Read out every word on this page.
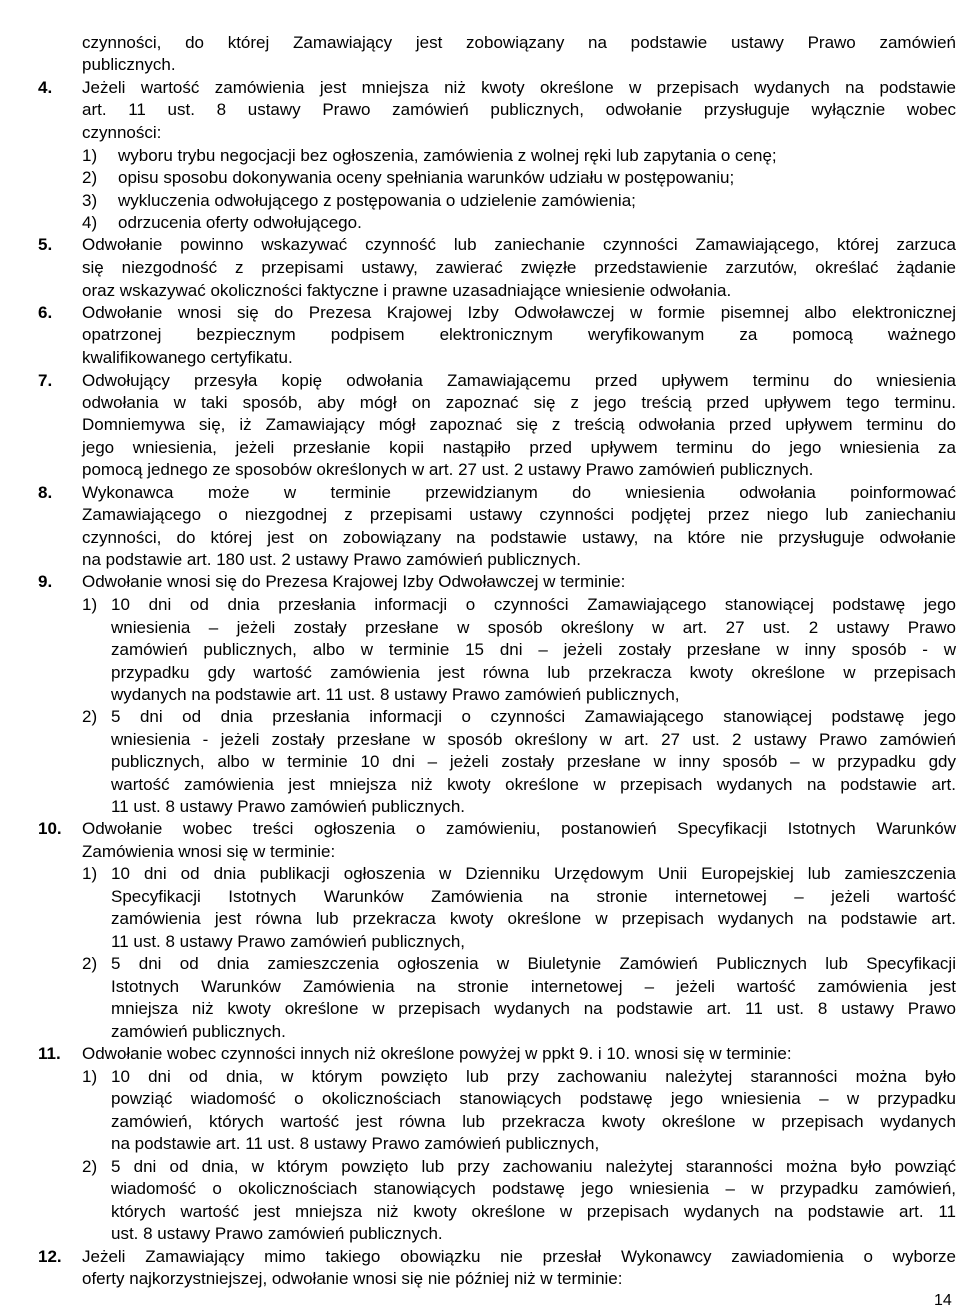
czynności, do której Zamawiający jest zobowiązany na podstawie ustawy Prawo zamówień

publicznych.

4. Jeżeli wartość zamówienia jest mniejsza niż kwoty określone w przepisach wydanych na podstawie

art. 11 ust. 8 ustawy Prawo zamówień publicznych, odwołanie przysługuje wyłącznie wobec

czynności:

1) wyboru trybu negocjacji bez ogłoszenia, zamówienia z wolnej ręki lub zapytania o cenę;

2) opisu sposobu dokonywania oceny spełniania warunków udziału w postępowaniu;

3) wykluczenia odwołującego z postępowania o udzielenie zamówienia;

4) odrzucenia oferty odwołującego.

5. Odwołanie powinno wskazywać czynność lub zaniechanie czynności Zamawiającego, której zarzuca

się niezgodność z przepisami ustawy, zawierać zwięzłe przedstawienie zarzutów, określać żądanie

oraz wskazywać okoliczności faktyczne i prawne uzasadniające wniesienie odwołania.

6. Odwołanie wnosi się do Prezesa Krajowej Izby Odwoławczej w formie pisemnej albo elektronicznej

opatrzonej bezpiecznym podpisem elektronicznym weryfikowanym za pomocą ważnego

kwalifikowanego certyfikatu.

7. Odwołujący przesyła kopię odwołania Zamawiającemu przed upływem terminu do wniesienia

odwołania w taki sposób, aby mógł on zapoznać się z jego treścią przed upływem tego terminu.

Domniemywa się, iż Zamawiający mógł zapoznać się z treścią odwołania przed upływem terminu do

jego wniesienia, jeżeli przesłanie kopii nastąpiło przed upływem terminu do jego wniesienia za

pomocą jednego ze sposobów określonych w art. 27 ust. 2 ustawy Prawo zamówień publicznych.

8. Wykonawca może w terminie przewidzianym do wniesienia odwołania poinformować

Zamawiającego o niezgodnej z przepisami ustawy czynności podjętej przez niego lub zaniechaniu

czynności, do której jest on zobowiązany na podstawie ustawy, na które nie przysługuje odwołanie

na podstawie art. 180 ust. 2 ustawy Prawo zamówień publicznych.

9. Odwołanie wnosi się do Prezesa Krajowej Izby Odwoławczej w terminie:

1) 10 dni od dnia przesłania informacji o czynności Zamawiającego stanowiącej podstawę jego

wniesienia – jeżeli zostały przesłane w sposób określony w art. 27 ust. 2 ustawy Prawo

zamówień publicznych, albo w terminie 15 dni – jeżeli zostały przesłane w inny sposób - w

przypadku gdy wartość zamówienia jest równa lub przekracza kwoty określone w przepisach

wydanych na podstawie art. 11 ust. 8 ustawy Prawo zamówień publicznych,

2) 5 dni od dnia przesłania informacji o czynności Zamawiającego stanowiącej podstawę jego

wniesienia - jeżeli zostały przesłane w sposób określony w art. 27 ust. 2 ustawy Prawo zamówień

publicznych, albo w terminie 10 dni – jeżeli zostały przesłane w inny sposób – w przypadku gdy

wartość zamówienia jest mniejsza niż kwoty określone w przepisach wydanych na podstawie art.

11 ust. 8 ustawy Prawo zamówień publicznych.

10. Odwołanie wobec treści ogłoszenia o zamówieniu, postanowień Specyfikacji Istotnych Warunków

Zamówienia wnosi się w terminie:

1) 10 dni od dnia publikacji ogłoszenia w Dzienniku Urzędowym Unii Europejskiej lub zamieszczenia

Specyfikacji Istotnych Warunków Zamówienia na stronie internetowej – jeżeli wartość

zamówienia jest równa lub przekracza kwoty określone w przepisach wydanych na podstawie art.

11 ust. 8 ustawy Prawo zamówień publicznych,

2) 5 dni od dnia zamieszczenia ogłoszenia w Biuletynie Zamówień Publicznych lub Specyfikacji

Istotnych Warunków Zamówienia na stronie internetowej – jeżeli wartość zamówienia jest

mniejsza niż kwoty określone w przepisach wydanych na podstawie art. 11 ust. 8 ustawy Prawo

zamówień publicznych.

11. Odwołanie wobec czynności innych niż określone powyżej w ppkt 9. i 10. wnosi się w terminie:

1) 10 dni od dnia, w którym powzięto lub przy zachowaniu należytej staranności można było

powziąć wiadomość o okolicznościach stanowiących podstawę jego wniesienia – w przypadku

zamówień, których wartość jest równa lub przekracza kwoty określone w przepisach wydanych

na podstawie art. 11 ust. 8 ustawy Prawo zamówień publicznych,

2) 5 dni od dnia, w którym powzięto lub przy zachowaniu należytej staranności można było powziąć

wiadomość o okolicznościach stanowiących podstawę jego wniesienia – w przypadku zamówień,

których wartość jest mniejsza niż kwoty określone w przepisach wydanych na podstawie art. 11

ust. 8 ustawy Prawo zamówień publicznych.

12. Jeżeli Zamawiający mimo takiego obowiązku nie przesłał Wykonawcy zawiadomienia o wyborze

oferty najkorzystniejszej, odwołanie wnosi się nie później niż w terminie:

14
